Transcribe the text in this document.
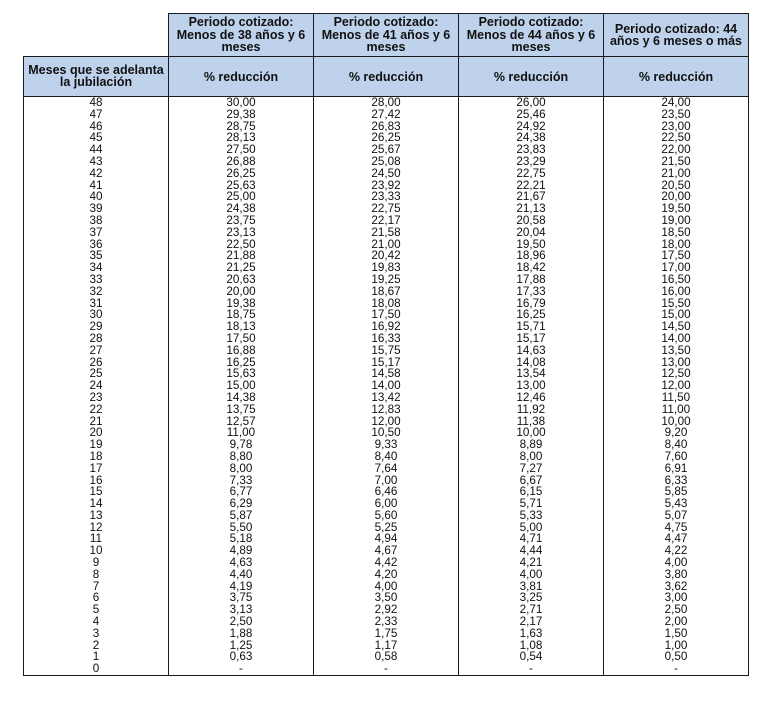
	Periodo cotizado: Menos de 38 años y 6 meses	Periodo cotizado: Menos de 41 años y 6 meses	Periodo cotizado: Menos de 44 años y 6 meses	Periodo cotizado: 44 años y 6 meses o más
Meses que se adelanta la jubilación	% reducción	% reducción	% reducción	% reducción
48	30,00	28,00	26,00	24,00
47	29,38	27,42	25,46	23,50
46	28,75	26,83	24,92	23,00
45	28,13	26,25	24,38	22,50
44	27,50	25,67	23,83	22,00
43	26,88	25,08	23,29	21,50
42	26,25	24,50	22,75	21,00
41	25,63	23,92	22,21	20,50
40	25,00	23,33	21,67	20,00
39	24,38	22,75	21,13	19,50
38	23,75	22,17	20,58	19,00
37	23,13	21,58	20,04	18,50
36	22,50	21,00	19,50	18,00
35	21,88	20,42	18,96	17,50
34	21,25	19,83	18,42	17,00
33	20,63	19,25	17,88	16,50
32	20,00	18,67	17,33	16,00
31	19,38	18,08	16,79	15,50
30	18,75	17,50	16,25	15,00
29	18,13	16,92	15,71	14,50
28	17,50	16,33	15,17	14,00
27	16,88	15,75	14,63	13,50
26	16,25	15,17	14,08	13,00
25	15,63	14,58	13,54	12,50
24	15,00	14,00	13,00	12,00
23	14,38	13,42	12,46	11,50
22	13,75	12,83	11,92	11,00
21	12,57	12,00	11,38	10,00
20	11,00	10,50	10,00	9,20
19	9,78	9,33	8,89	8,40
18	8,80	8,40	8,00	7,60
17	8,00	7,64	7,27	6,91
16	7,33	7,00	6,67	6,33
15	6,77	6,46	6,15	5,85
14	6,29	6,00	5,71	5,43
13	5,87	5,60	5,33	5,07
12	5,50	5,25	5,00	4,75
11	5,18	4,94	4,71	4,47
10	4,89	4,67	4,44	4,22
9	4,63	4,42	4,21	4,00
8	4,40	4,20	4,00	3,80
7	4,19	4,00	3,81	3,62
6	3,75	3,50	3,25	3,00
5	3,13	2,92	2,71	2,50
4	2,50	2,33	2,17	2,00
3	1,88	1,75	1,63	1,50
2	1,25	1,17	1,08	1,00
1	0,63	0,58	0,54	0,50
0	-	-	-	-
